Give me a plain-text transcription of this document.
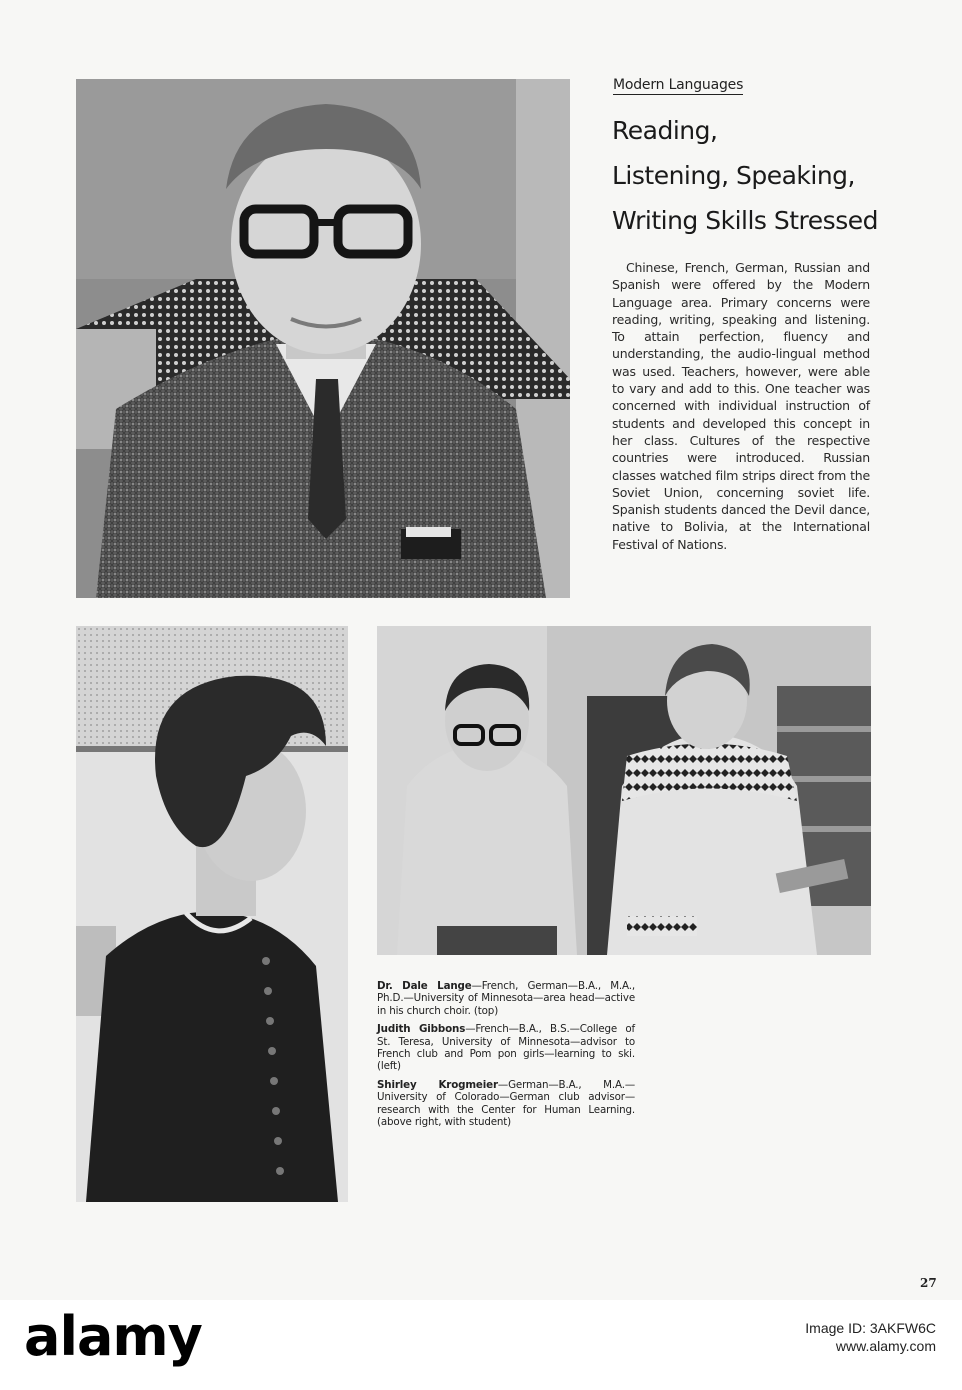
Modern Languages
Reading,
Listening, Speaking,
Writing Skills Stressed
Chinese, French, German, Russian and Spanish were offered by the Modern Language area. Primary concerns were reading, writing, speaking and listening. To attain perfection, fluency and understanding, the audio-lingual method was used. Teachers, however, were able to vary and add to this. One teacher was concerned with individual instruction of students and developed this concept in her class. Cultures of the respective countries were introduced. Russian classes watched film strips direct from the Soviet Union, concerning soviet life. Spanish students danced the Devil dance, native to Bolivia, at the International Festival of Nations.
Dr. Dale Lange—French, German—B.A., M.A., Ph.D.—University of Minnesota—area head—active in his church choir. (top)
Judith Gibbons—French—B.A., B.S.—College of St. Teresa, University of Minnesota—advisor to French club and Pom pon girls—learning to ski. (left)
Shirley Krogmeier—German—B.A., M.A.—University of Colorado—German club advisor—research with the Center for Human Learning. (above right, with student)
27
alamy	Image ID: 3AKFW6C
www.alamy.com
